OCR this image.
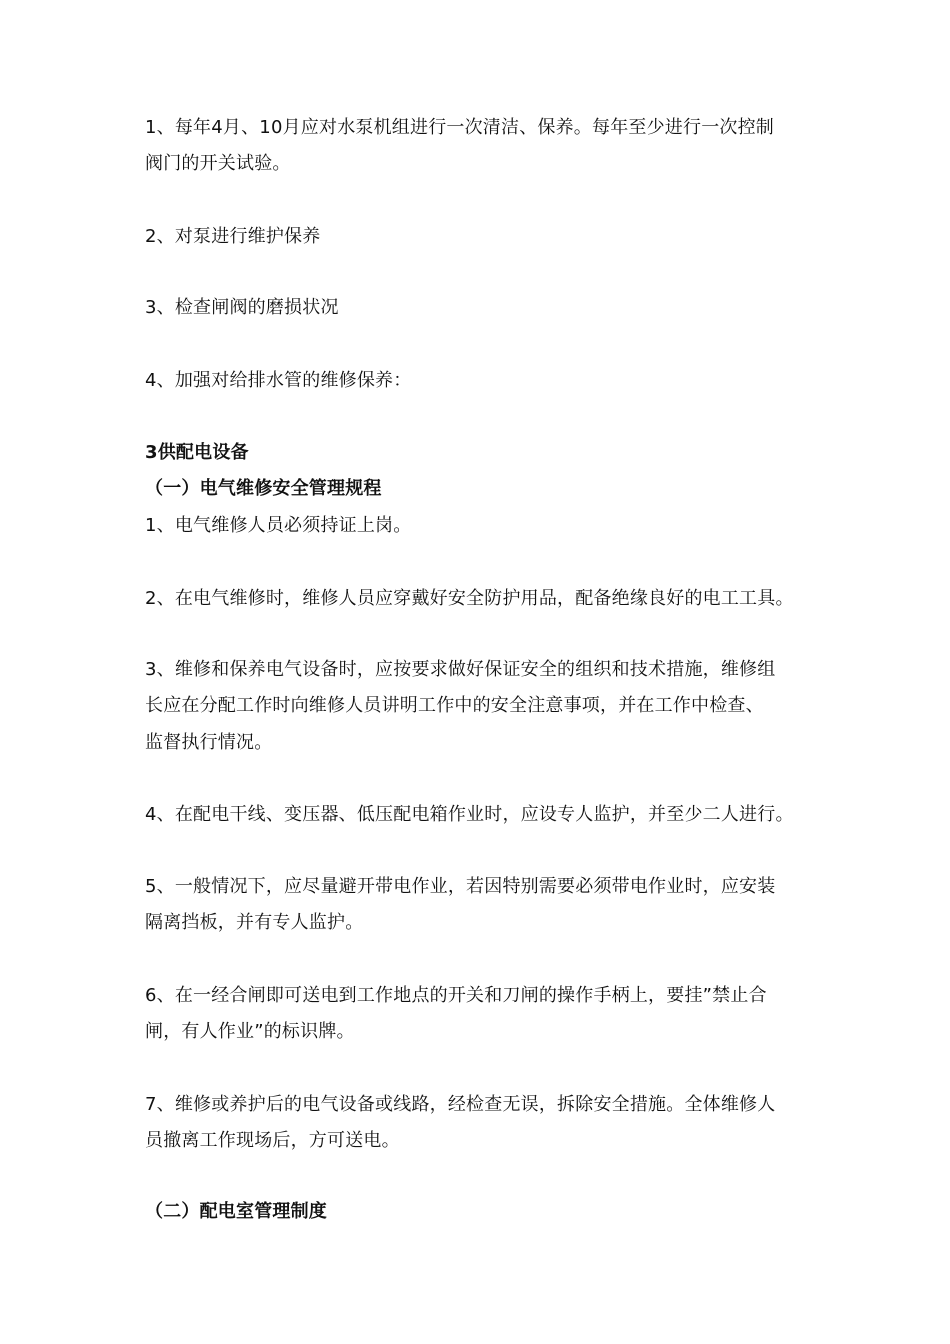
1、每年4月、10月应对水泵机组进行一次清洁、保养。每年至少进行一次控制
阀门的开关试验。
2、对泵进行维护保养
3、检查闸阀的磨损状况
4、加强对给排水管的维修保养：
3供配电设备
（一）电气维修安全管理规程
1、电气维修人员必须持证上岗。
2、在电气维修时，维修人员应穿戴好安全防护用品，配备绝缘良好的电工工具。
3、维修和保养电气设备时，应按要求做好保证安全的组织和技术措施，维修组
长应在分配工作时向维修人员讲明工作中的安全注意事项，并在工作中检查、
监督执行情况。
4、在配电干线、变压器、低压配电箱作业时，应设专人监护，并至少二人进行。
5、一般情况下，应尽量避开带电作业，若因特别需要必须带电作业时，应安装
隔离挡板，并有专人监护。
6、在一经合闸即可送电到工作地点的开关和刀闸的操作手柄上，要挂”禁止合
闸，有人作业”的标识牌。
7、维修或养护后的电气设备或线路，经检查无误，拆除安全措施。全体维修人
员撤离工作现场后，方可送电。
（二）配电室管理制度
